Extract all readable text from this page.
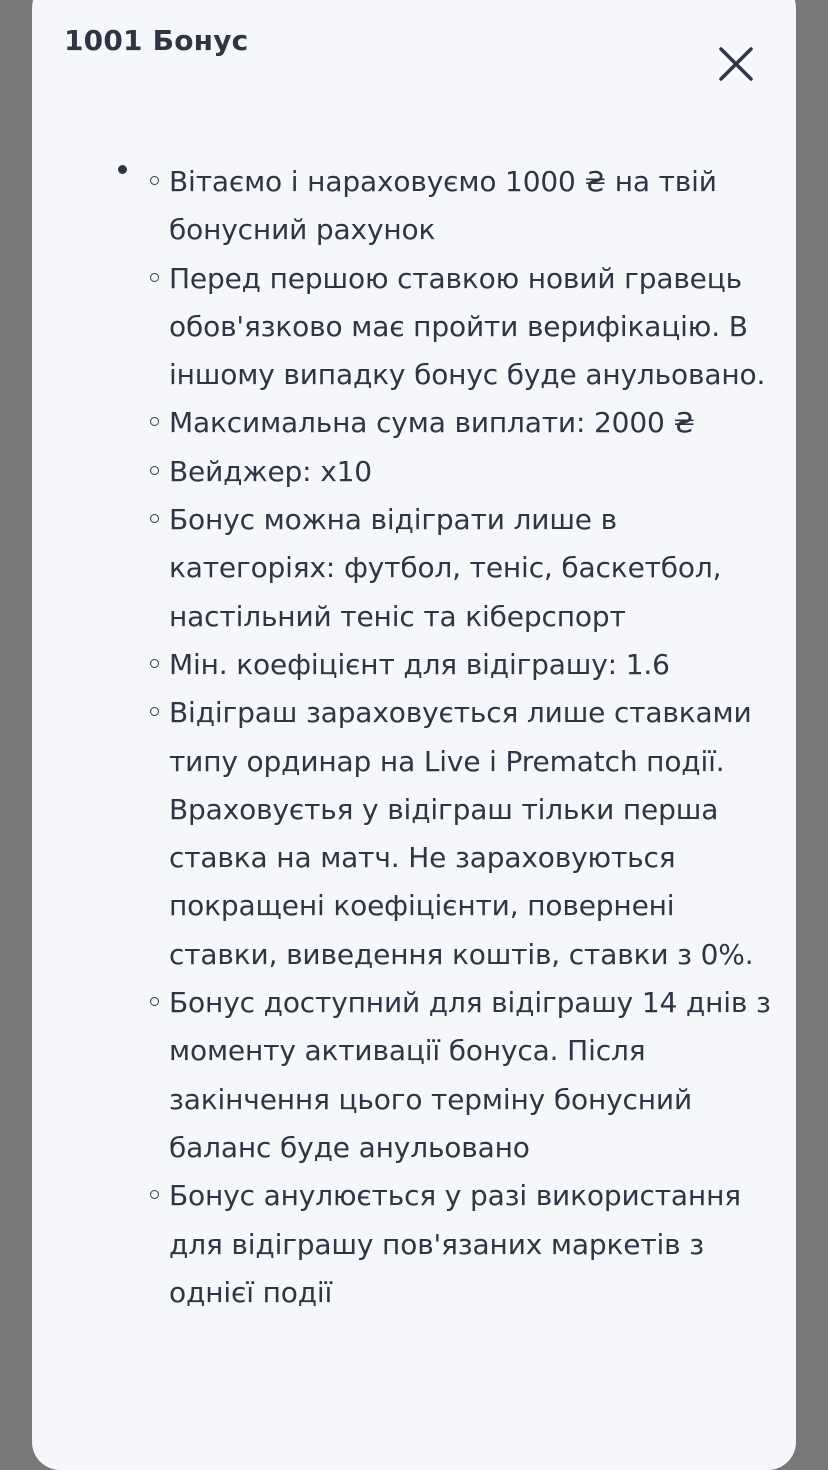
1001 Бонус
Вітаємо і нараховуємо 1000 ₴ на твій бонусний рахунок
Перед першою ставкою новий гравець обов'язково має пройти верифікацію. В іншому випадку бонус буде анульовано.
Максимальна сума виплати: 2000 ₴
Вейджер: х10
Бонус можна відіграти лише в категоріях: футбол, теніс, баскетбол, настільний теніс та кіберспорт
Мін. коефіцієнт для відіграшу: 1.6
Відіграш зараховується лише ставками типу ординар на Live і Prematch події. Враховуєтья у відіграш тільки перша ставка на матч. Не зараховуються покращені коефіцієнти, повернені ставки, виведення коштів, ставки з 0%.
Бонус доступний для відіграшу 14 днів з моменту активації бонуса. Після закінчення цього терміну бонусний баланс буде анульовано
Бонус анулюється у разі використання для відіграшу пов'язаних маркетів з однієї події
